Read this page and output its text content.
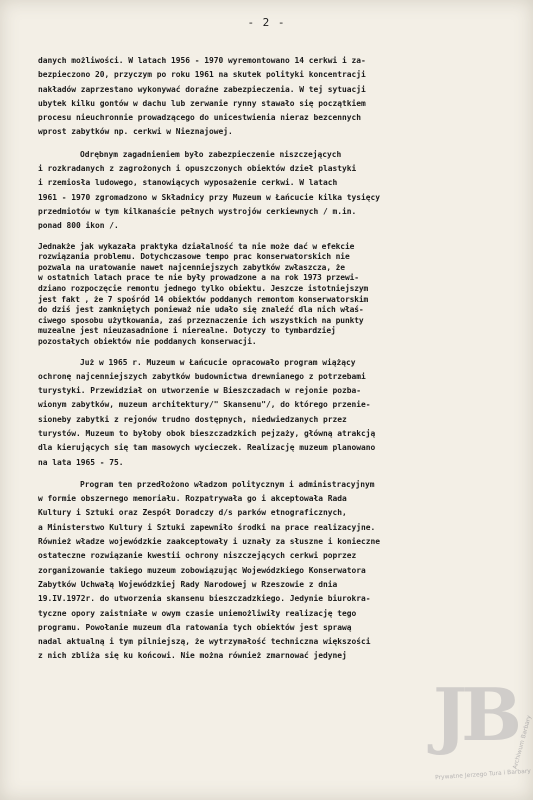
- 2 -
danych możliwości. W latach 1956 - 1970 wyremontowano 14 cerkwi i za-
bezpieczono 20, przyczym po roku 1961 na skutek polityki koncentracji
nakładów zaprzestano wykonywać doraźne zabezpieczenia. W tej sytuacji
ubytek kilku gontów w dachu lub zerwanie rynny stawało się początkiem
procesu nieuchronnie prowadzącego do unicestwienia nieraz bezcennych
wprost zabytków np. cerkwi w Nieznajowej.
Odrębnym zagadnieniem było zabezpieczenie niszczejących
i rozkradanych z zagrożonych i opuszczonych obiektów dzieł plastyki
i rzemiosła ludowego, stanowiących wyposażenie cerkwi. W latach
1961 - 1970 zgromadzono w Składnicy przy Muzeum w Łańcucie kilka tysięcy
przedmiotów w tym kilkanaście pełnych wystrojów cerkiewnych / m.in.
ponad 800 ikon /.
Jednakże jak wykazała praktyka działalność ta nie może dać w efekcie
rozwiązania problemu. Dotychczasowe tempo prac konserwatorskich nie
pozwala na uratowanie nawet najcenniejszych zabytków zwłaszcza, że
w ostatnich latach prace te nie były prowadzone a na rok 1973 przewi-
dziano rozpoczęcie remontu jednego tylko obiektu. Jeszcze istotniejszym
jest fakt , że 7 spośród 14 obiektów poddanych remontom konserwatorskim
do dziś jest zamkniętych ponieważ nie udało się znaleźć dla nich właś-
ciwego sposobu użytkowania, zaś przeznaczenie ich wszystkich na punkty
muzealne jest nieuzasadnione i nierealne. Dotyczy to tymbardziej
pozostałych obiektów nie poddanych konserwacji.
Już w 1965 r. Muzeum w Łańcucie opracowało program wiążący
ochronę najcenniejszych zabytków budownictwa drewnianego z potrzebami
turystyki. Przewidział on utworzenie w Bieszczadach w rejonie pozba-
wionym zabytków, muzeum architektury/" Skansenu"/, do którego przenie-
sioneby zabytki z rejonów trudno dostępnych, niedwiedzanych przez
turystów. Muzeum to byłoby obok bieszczadzkich pejzaży, główną atrakcją
dla kierujących się tam masowych wycieczek. Realizację muzeum planowano
na lata 1965 - 75.
Program ten przedłożono władzom politycznym i administracyjnym
w formie obszernego memoriału. Rozpatrywała go i akceptowała Rada
Kultury i Sztuki oraz Zespół Doradczy d/s parków etnograficznych,
a Ministerstwo Kultury i Sztuki zapewniło środki na prace realizacyjne.
Również władze wojewódzkie zaakceptowały i uznały za słuszne i konieczne
ostateczne rozwiązanie kwestii ochrony niszczejących cerkwi poprzez
zorganizowanie takiego muzeum zobowiązując Wojewódzkiego Konserwatora
Zabytków Uchwałą Wojewódzkiej Rady Narodowej w Rzeszowie z dnia
19.IV.1972r. do utworzenia skansenu bieszczadzkiego. Jedynie biurokra-
tyczne opory zaistniałe w owym czasie uniemożliwiły realizację tego
programu. Powołanie muzeum dla ratowania tych obiektów jest sprawą
nadal aktualną i tym pilniejszą, że wytrzymałość techniczna większości
z nich zbliża się ku końcowi. Nie można również zmarnować jedynej
JB
Archiwum Barbary
Prywatne Jerzego Tura i Barbary
